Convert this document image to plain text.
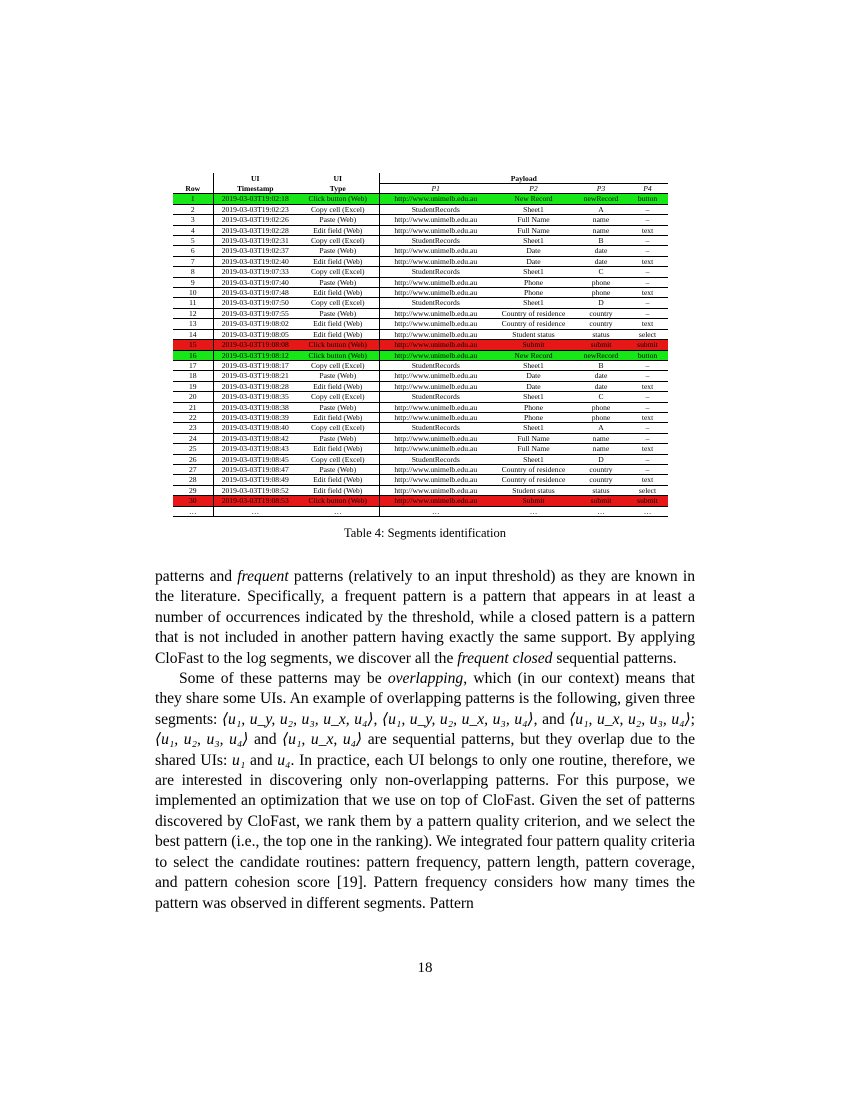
	UI	UI	Payload			
Row	Timestamp	Type	P1	P2	P3	P4
1	2019-03-03T19:02:18	Click button (Web)	http://www.unimelb.edu.au	New Record	newRecord	button
2	2019-03-03T19:02:23	Copy cell (Excel)	StudentRecords	Sheet1	A	–
3	2019-03-03T19:02:26	Paste (Web)	http://www.unimelb.edu.au	Full Name	name	–
4	2019-03-03T19:02:28	Edit field (Web)	http://www.unimelb.edu.au	Full Name	name	text
5	2019-03-03T19:02:31	Copy cell (Excel)	StudentRecords	Sheet1	B	–
6	2019-03-03T19:02:37	Paste (Web)	http://www.unimelb.edu.au	Date	date	–
7	2019-03-03T19:02:40	Edit field (Web)	http://www.unimelb.edu.au	Date	date	text
8	2019-03-03T19:07:33	Copy cell (Excel)	StudentRecords	Sheet1	C	–
9	2019-03-03T19:07:40	Paste (Web)	http://www.unimelb.edu.au	Phone	phone	–
10	2019-03-03T19:07:48	Edit field (Web)	http://www.unimelb.edu.au	Phone	phone	text
11	2019-03-03T19:07:50	Copy cell (Excel)	StudentRecords	Sheet1	D	–
12	2019-03-03T19:07:55	Paste (Web)	http://www.unimelb.edu.au	Country of residence	country	–
13	2019-03-03T19:08:02	Edit field (Web)	http://www.unimelb.edu.au	Country of residence	country	text
14	2019-03-03T19:08:05	Edit field (Web)	http://www.unimelb.edu.au	Student status	status	select
15	2019-03-03T19:08:08	Click button (Web)	http://www.unimelb.edu.au	Submit	submit	submit
16	2019-03-03T19:08:12	Click button (Web)	http://www.unimelb.edu.au	New Record	newRecord	button
17	2019-03-03T19:08:17	Copy cell (Excel)	StudentRecords	Sheet1	B	–
18	2019-03-03T19:08:21	Paste (Web)	http://www.unimelb.edu.au	Date	date	–
19	2019-03-03T19:08:28	Edit field (Web)	http://www.unimelb.edu.au	Date	date	text
20	2019-03-03T19:08:35	Copy cell (Excel)	StudentRecords	Sheet1	C	–
21	2019-03-03T19:08:38	Paste (Web)	http://www.unimelb.edu.au	Phone	phone	–
22	2019-03-03T19:08:39	Edit field (Web)	http://www.unimelb.edu.au	Phone	phone	text
23	2019-03-03T19:08:40	Copy cell (Excel)	StudentRecords	Sheet1	A	–
24	2019-03-03T19:08:42	Paste (Web)	http://www.unimelb.edu.au	Full Name	name	–
25	2019-03-03T19:08:43	Edit field (Web)	http://www.unimelb.edu.au	Full Name	name	text
26	2019-03-03T19:08:45	Copy cell (Excel)	StudentRecords	Sheet1	D	–
27	2019-03-03T19:08:47	Paste (Web)	http://www.unimelb.edu.au	Country of residence	country	–
28	2019-03-03T19:08:49	Edit field (Web)	http://www.unimelb.edu.au	Country of residence	country	text
29	2019-03-03T19:08:52	Edit field (Web)	http://www.unimelb.edu.au	Student status	status	select
30	2019-03-03T19:08:53	Click button (Web)	http://www.unimelb.edu.au	Submit	submit	submit
…	…	…	…	…	…	…
Table 4: Segments identification

patterns and frequent patterns (relatively to an input threshold) as they are known in the literature. Specifically, a frequent pattern is a pattern that appears in at least a number of occurrences indicated by the threshold, while a closed pattern is a pattern that is not included in another pattern having exactly the same support. By applying CloFast to the log segments, we discover all the frequent closed sequential patterns.

Some of these patterns may be overlapping, which (in our context) means that they share some UIs. An example of overlapping patterns is the following, given three segments: ⟨u₁, u_y, u₂, u₃, u_x, u₄⟩, ⟨u₁, u_y, u₂, u_x, u₃, u₄⟩, and ⟨u₁, u_x, u₂, u₃, u₄⟩; ⟨u₁, u₂, u₃, u₄⟩ and ⟨u₁, u_x, u₄⟩ are sequential patterns, but they overlap due to the shared UIs: u₁ and u₄. In practice, each UI belongs to only one routine, therefore, we are interested in discovering only non-overlapping patterns. For this purpose, we implemented an optimization that we use on top of CloFast. Given the set of patterns discovered by CloFast, we rank them by a pattern quality criterion, and we select the best pattern (i.e., the top one in the ranking). We integrated four pattern quality criteria to select the candidate routines: pattern frequency, pattern length, pattern coverage, and pattern cohesion score [19]. Pattern frequency considers how many times the pattern was observed in different segments. Pattern

18
